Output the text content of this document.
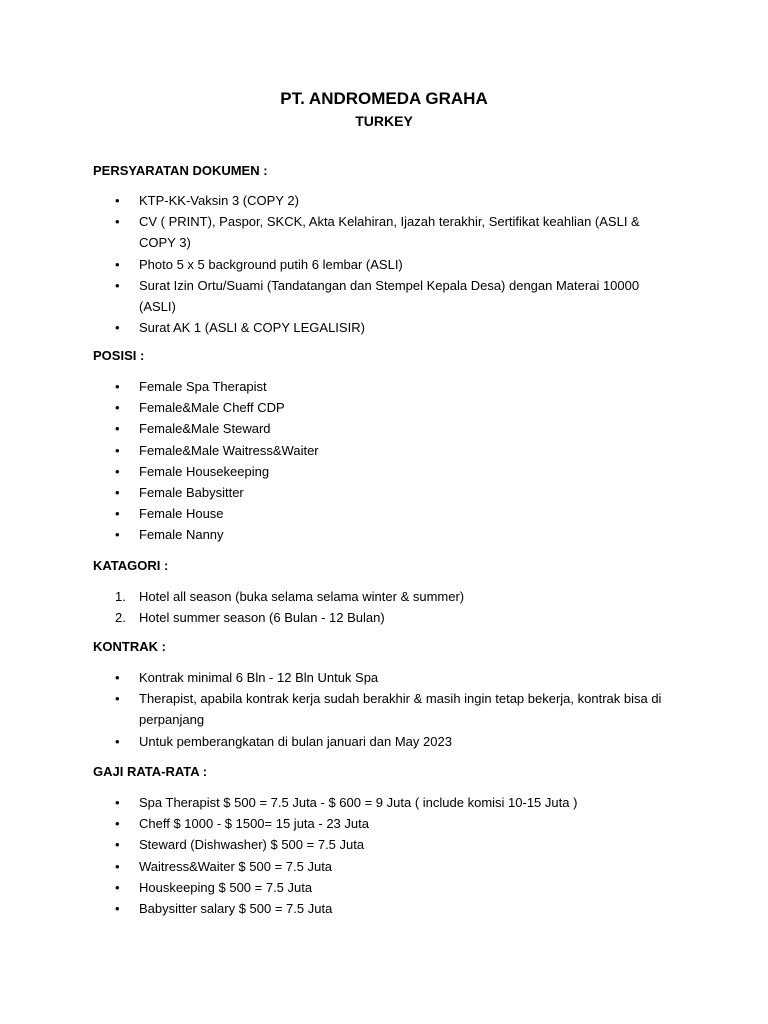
PT. ANDROMEDA GRAHA
TURKEY
PERSYARATAN DOKUMEN :
• KTP-KK-Vaksin 3 (COPY 2)
• CV ( PRINT), Paspor, SKCK, Akta Kelahiran, Ijazah terakhir, Sertifikat keahlian (ASLI & COPY 3)
• Photo 5 x 5 background putih 6 lembar (ASLI)
• Surat Izin Ortu/Suami (Tandatangan dan Stempel Kepala Desa) dengan Materai 10000 (ASLI)
• Surat AK 1 (ASLI & COPY LEGALISIR)
POSISI :
• Female Spa Therapist
• Female&Male Cheff CDP
• Female&Male Steward
• Female&Male Waitress&Waiter
• Female Housekeeping
• Female Babysitter
• Female House
• Female Nanny
KATAGORI :
1. Hotel all season (buka selama selama winter & summer)
2. Hotel summer season (6 Bulan - 12 Bulan)
KONTRAK :
• Kontrak minimal 6 Bln - 12 Bln Untuk Spa
• Therapist, apabila kontrak kerja sudah berakhir & masih ingin tetap bekerja, kontrak bisa di perpanjang
• Untuk pemberangkatan di bulan januari dan May 2023
GAJI RATA-RATA :
• Spa Therapist $ 500 = 7.5 Juta - $ 600 = 9 Juta ( include komisi 10-15 Juta )
• Cheff $ 1000 - $ 1500= 15 juta - 23 Juta
• Steward (Dishwasher) $ 500 = 7.5 Juta
• Waitress&Waiter $ 500 = 7.5 Juta
• Houskeeping $ 500 = 7.5 Juta
• Babysitter salary $ 500 = 7.5 Juta
